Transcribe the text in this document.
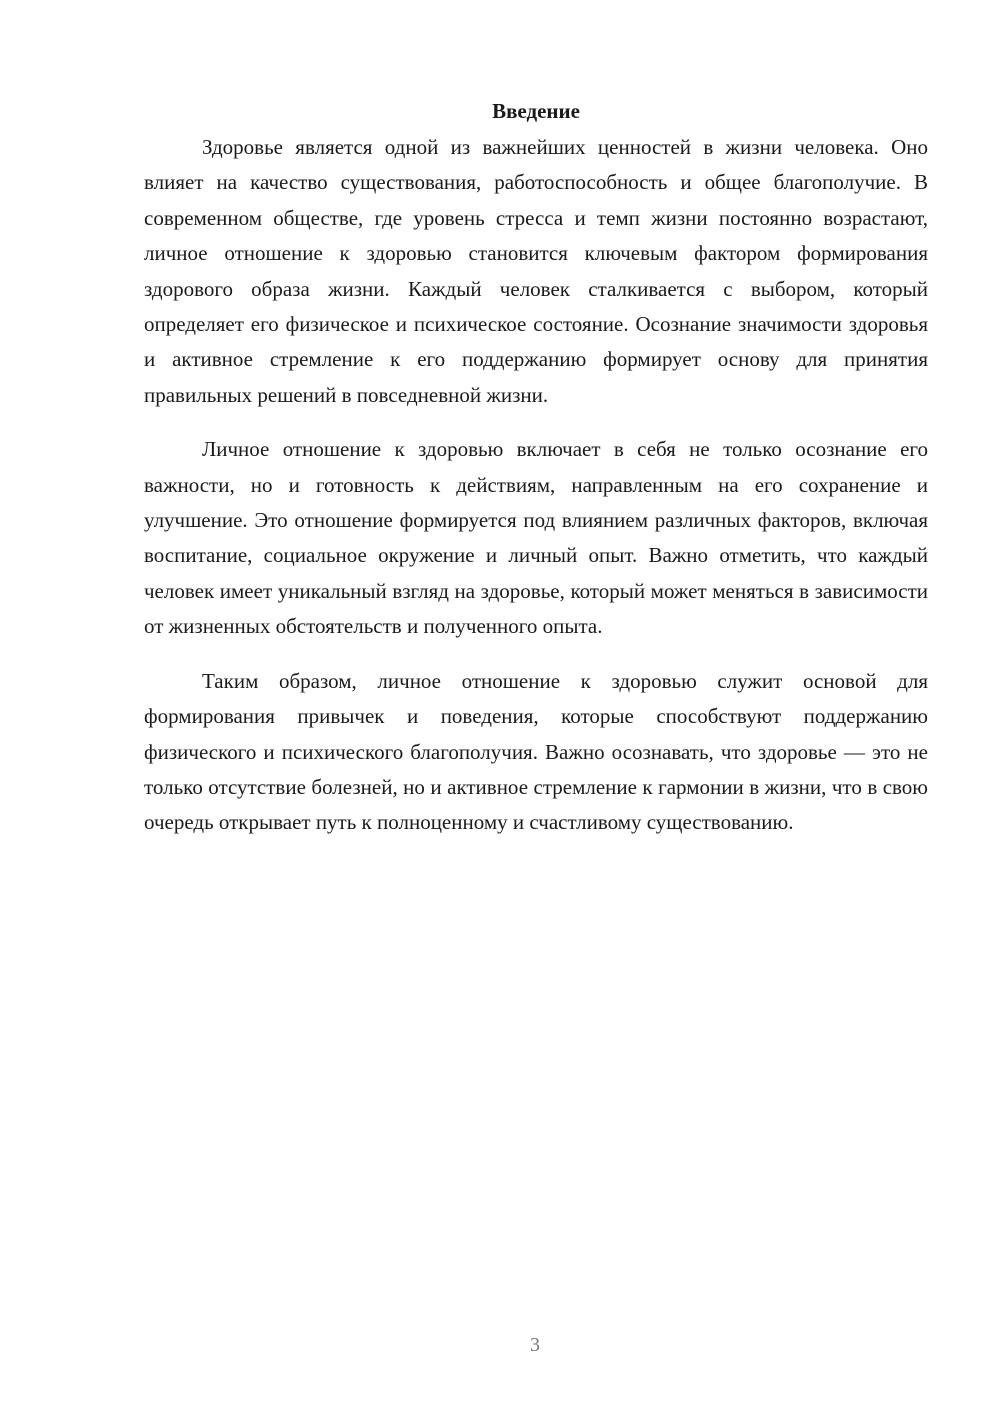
Введение

Здоровье является одной из важнейших ценностей в жизни человека. Оно влияет на качество существования, работоспособность и общее благополучие. В современном обществе, где уровень стресса и темп жизни постоянно возрастают, личное отношение к здоровью становится ключевым фактором формирования здорового образа жизни. Каждый человек сталкивается с выбором, который определяет его физическое и психическое состояние. Осознание значимости здоровья и активное стремление к его поддержанию формирует основу для принятия правильных решений в повседневной жизни.

Личное отношение к здоровью включает в себя не только осознание его важности, но и готовность к действиям, направленным на его сохранение и улучшение. Это отношение формируется под влиянием различных факторов, включая воспитание, социальное окружение и личный опыт. Важно отметить, что каждый человек имеет уникальный взгляд на здоровье, который может меняться в зависимости от жизненных обстоятельств и полученного опыта.

Таким образом, личное отношение к здоровью служит основой для формирования привычек и поведения, которые способствуют поддержанию физического и психического благополучия. Важно осознавать, что здоровье — это не только отсутствие болезней, но и активное стремление к гармонии в жизни, что в свою очередь открывает путь к полноценному и счастливому существованию.

3
